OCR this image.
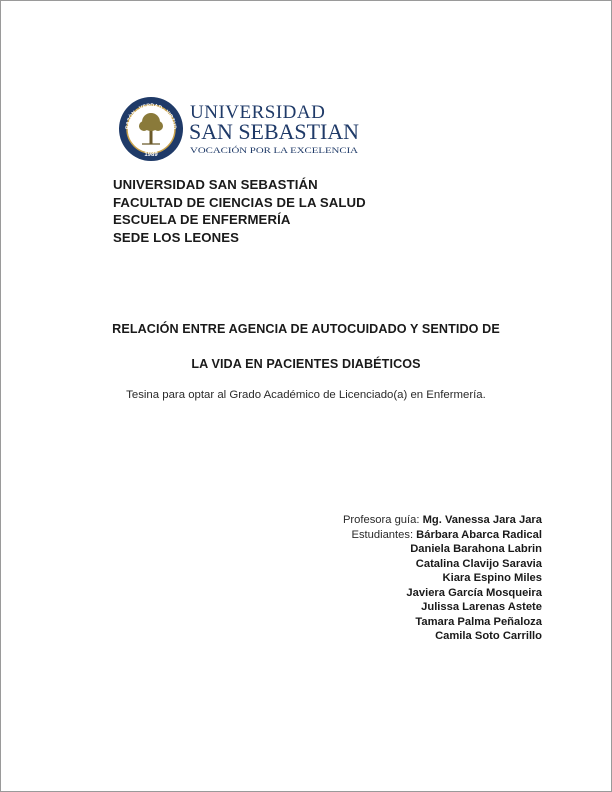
RAZÓN · VERDAD · VIRTUD
1989
UNIVERSIDAD
SAN SEBASTIAN
VOCACIÓN POR LA EXCELENCIA
UNIVERSIDAD SAN SEBASTIÁN
FACULTAD DE CIENCIAS DE LA SALUD
ESCUELA DE ENFERMERÍA
SEDE LOS LEONES
RELACIÓN ENTRE AGENCIA DE AUTOCUIDADO Y SENTIDO DE
LA VIDA EN PACIENTES DIABÉTICOS
Tesina para optar al Grado Académico de Licenciado(a) en Enfermería.
Profesora guía: Mg. Vanessa Jara Jara
Estudiantes: Bárbara Abarca Radical
Daniela Barahona Labrin
Catalina Clavijo Saravia
Kiara Espino Miles
Javiera García Mosqueira
Julissa Larenas Astete
Tamara Palma Peñaloza
Camila Soto Carrillo
